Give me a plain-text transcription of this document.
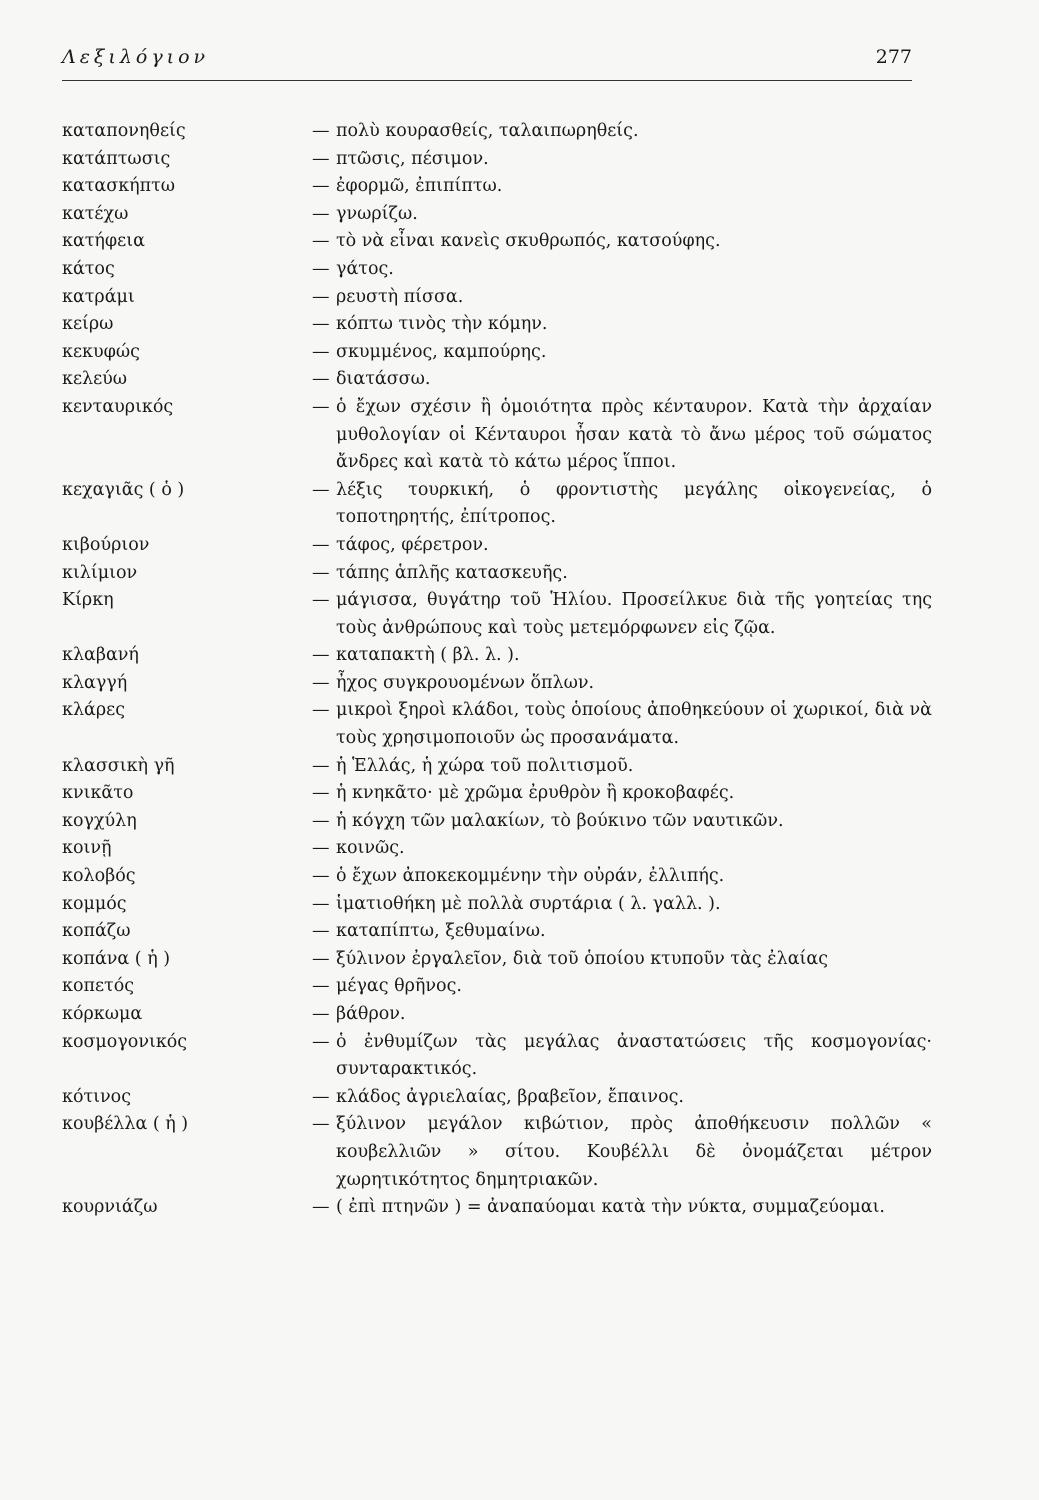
Λεξιλόγιον	277
καταπονηθείς	— πολὺ κουρασθείς, ταλαιπωρηθείς.
κατάπτωσις	— πτῶσις, πέσιμον.
κατασκήπτω	— ἐφορμῶ, ἐπιπίπτω.
κατέχω	— γνωρίζω.
κατήφεια	— τὸ νὰ εἶναι κανεὶς σκυθρωπός, κατσούφης.
κάτος	— γάτος.
κατράμι	— ρευστὴ πίσσα.
κείρω	— κόπτω τινὸς τὴν κόμην.
κεκυφώς	— σκυμμένος, καμπούρης.
κελεύω	— διατάσσω.
κενταυρικός	— ὁ ἔχων σχέσιν ἢ ὁμοιότητα πρὸς κένταυρον. Κατὰ τὴν ἀρχαίαν μυθολογίαν οἱ Κένταυροι ἦσαν κατὰ τὸ ἄνω μέρος τοῦ σώματος ἄνδρες καὶ κατὰ τὸ κάτω μέρος ἵπποι.
κεχαγιᾶς ( ὁ )	— λέξις τουρκική, ὁ φροντιστὴς μεγάλης οἰκογενείας, ὁ τοποτηρητής, ἐπίτροπος.
κιβούριον	— τάφος, φέρετρον.
κιλίμιον	— τάπης ἁπλῆς κατασκευῆς.
Κίρκη	— μάγισσα, θυγάτηρ τοῦ Ἡλίου. Προσείλκυε διὰ τῆς γοητείας της τοὺς ἀνθρώπους καὶ τοὺς μετεμόρφωνεν εἰς ζῷα.
κλαβανή	— καταπακτὴ ( βλ. λ. ).
κλαγγή	— ἦχος συγκρουομένων ὅπλων.
κλάρες	— μικροὶ ξηροὶ κλάδοι, τοὺς ὁποίους ἀποθηκεύουν οἱ χωρικοί, διὰ νὰ τοὺς χρησιμοποιοῦν ὡς προσανάματα.
κλασσικὴ γῆ	— ἡ Ἑλλάς, ἡ χώρα τοῦ πολιτισμοῦ.
κνικᾶτο	— ἡ κνηκᾶτο· μὲ χρῶμα ἐρυθρὸν ἢ κροκοβαφές.
κογχύλη	— ἡ κόγχη τῶν μαλακίων, τὸ βούκινο τῶν ναυτικῶν.
κοινῇ	— κοινῶς.
κολοβός	— ὁ ἔχων ἀποκεκομμένην τὴν οὐράν, ἐλλιπής.
κομμός	— ἱματιοθήκη μὲ πολλὰ συρτάρια ( λ. γαλλ. ).
κοπάζω	— καταπίπτω, ξεθυμαίνω.
κοπάνα ( ἡ )	— ξύλινον ἐργαλεῖον, διὰ τοῦ ὁποίου κτυποῦν τὰς ἐλαίας
κοπετός	— μέγας θρῆνος.
κόρκωμα	— βάθρον.
κοσμογονικός	— ὁ ἐνθυμίζων τὰς μεγάλας ἀναστατώσεις τῆς κοσμογονίας· συνταρακτικός.
κότινος	— κλάδος ἀγριελαίας, βραβεῖον, ἔπαινος.
κουβέλλα ( ἡ )	— ξύλινον μεγάλον κιβώτιον, πρὸς ἀποθήκευσιν πολλῶν « κουβελλιῶν » σίτου. Κουβέλλι δὲ ὀνομάζεται μέτρον χωρητικότητος δημητριακῶν.
κουρνιάζω	— ( ἐπὶ πτηνῶν ) = ἀναπαύομαι κατὰ τὴν νύκτα, συμμαζεύομαι.
